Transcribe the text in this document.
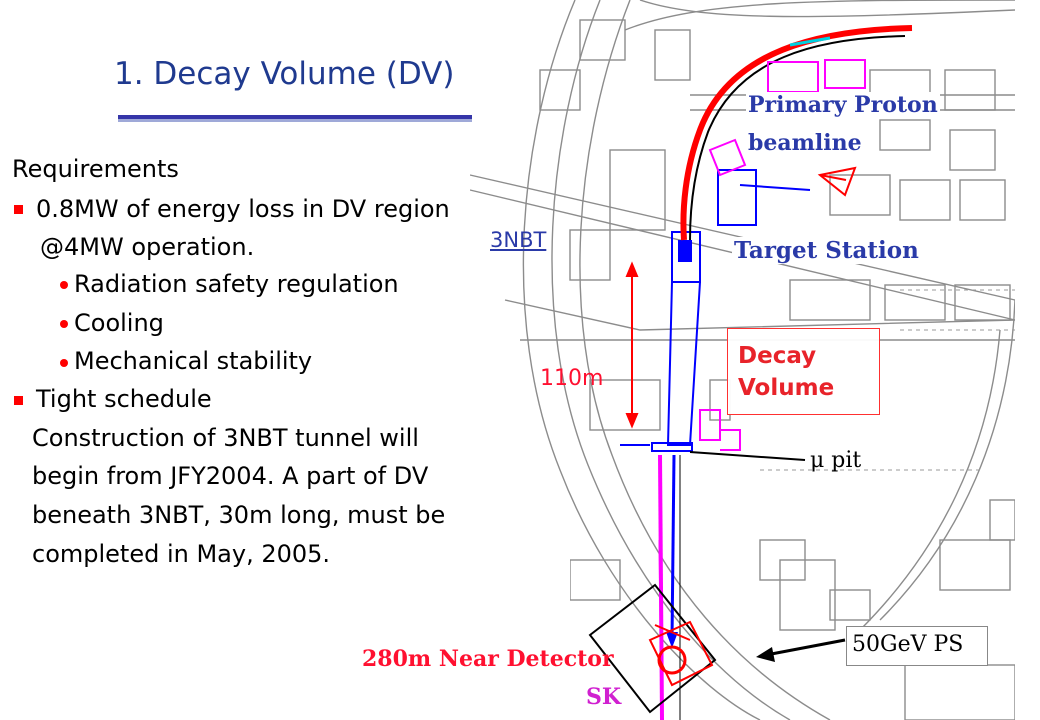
1. Decay Volume (DV)
Requirements
0.8MW of energy loss in DV region
@4MW operation.
Radiation safety regulation
Cooling
Mechanical stability
Tight schedule
Construction of 3NBT tunnel will
begin from JFY2004. A part of DV
beneath 3NBT, 30m long, must be
completed in May, 2005.
Primary Proton
beamline
Target Station
3NBT
Decay
Volume
110m
μ pit
50GeV PS
280m Near Detector
SK
